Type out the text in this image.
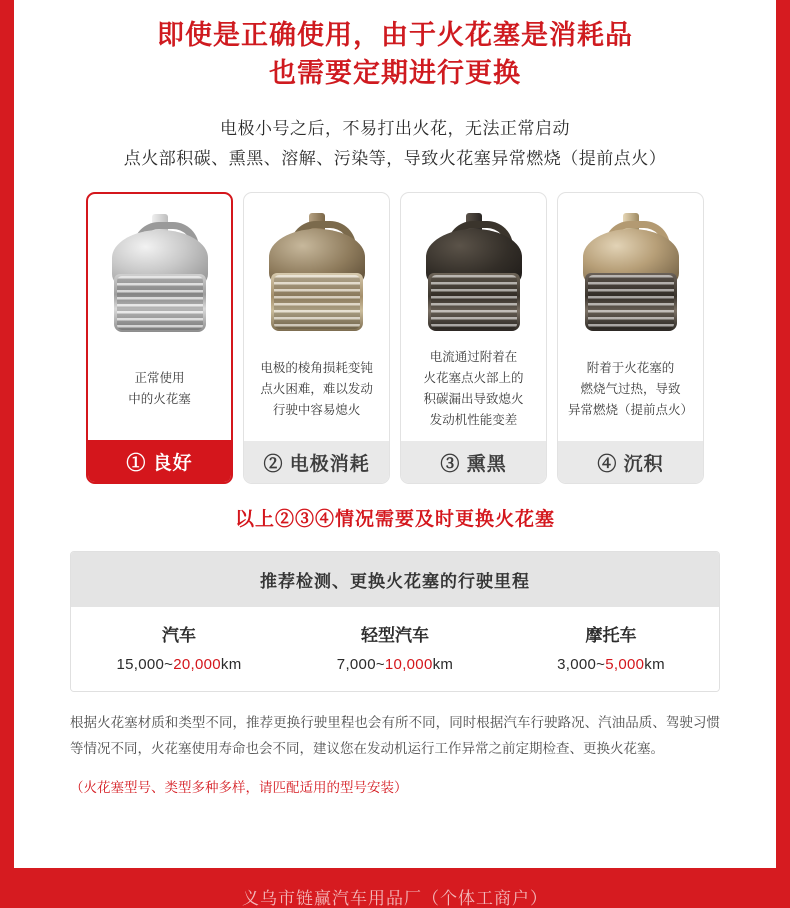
即使是正确使用，由于火花塞是消耗品
也需要定期进行更换
电极小号之后，不易打出火花，无法正常启动
点火部积碳、熏黑、溶解、污染等，导致火花塞异常燃烧（提前点火）
正常使用
中的火花塞
① 良好
电极的棱角损耗变钝
点火困难，难以发动
行驶中容易熄火
② 电极消耗
电流通过附着在
火花塞点火部上的
积碳漏出导致熄火
发动机性能变差
③ 熏黑
附着于火花塞的
燃烧气过热，导致
异常燃烧（提前点火）
④ 沉积
以上②③④情况需要及时更换火花塞
推荐检测、更换火花塞的行驶里程
汽车
15,000~20,000km
轻型汽车
7,000~10,000km
摩托车
3,000~5,000km
根据火花塞材质和类型不同，推荐更换行驶里程也会有所不同，同时根据汽车行驶路况、汽油品质、驾驶习惯等情况不同，火花塞使用寿命也会不同，建议您在发动机运行工作异常之前定期检查、更换火花塞。
（火花塞型号、类型多种多样，请匹配适用的型号安装）
义乌市链赢汽车用品厂（个体工商户）
